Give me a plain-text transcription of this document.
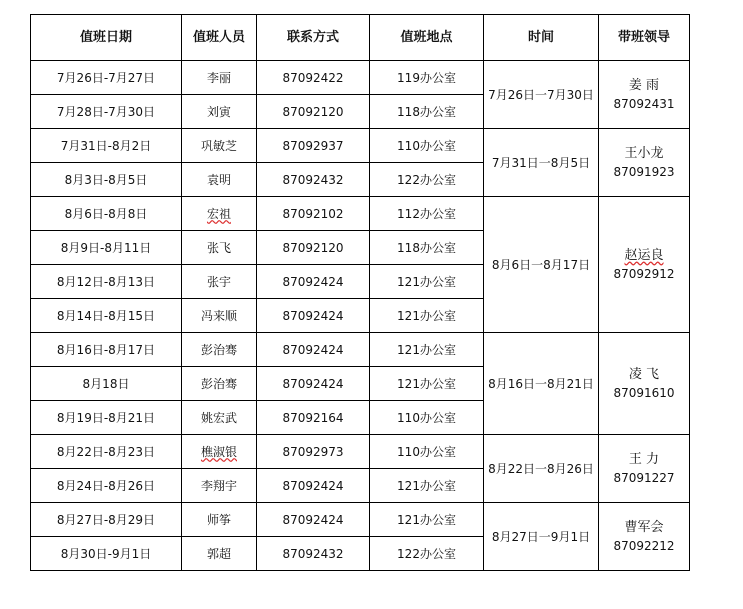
值班日期	值班人员	联系方式	值班地点	时间	带班领导
7月26日-7月27日	李丽	87092422	119办公室	7月26日一7月30日	姜 雨
87092431

7月28日-7月30日	刘寅	87092120	118办公室		
7月31日-8月2日	巩敏芝	87092937	110办公室	7月31日一8月5日	王小龙
87091923

8月3日-8月5日	袁明	87092432	122办公室		
8月6日-8月8日	宏祖	87092102	112办公室	8月6日一8月17日	赵运良
87092912

8月9日-8月11日	张飞	87092120	118办公室		
8月12日-8月13日	张宇	87092424	121办公室		
8月14日-8月15日	冯来顺	87092424	121办公室		
8月16日-8月17日	彭治骞	87092424	121办公室	8月16日一8月21日	凌 飞
87091610

8月18日	彭治骞	87092424	121办公室		
8月19日-8月21日	姚宏武	87092164	110办公室		
8月22日-8月23日	樵淑银	87092973	110办公室	8月22日一8月26日	王 力
87091227

8月24日-8月26日	李翔宇	87092424	121办公室		
8月27日-8月29日	师筝	87092424	121办公室	8月27日一9月1日	曹军会
87092212

8月30日-9月1日	郭超	87092432	122办公室		
